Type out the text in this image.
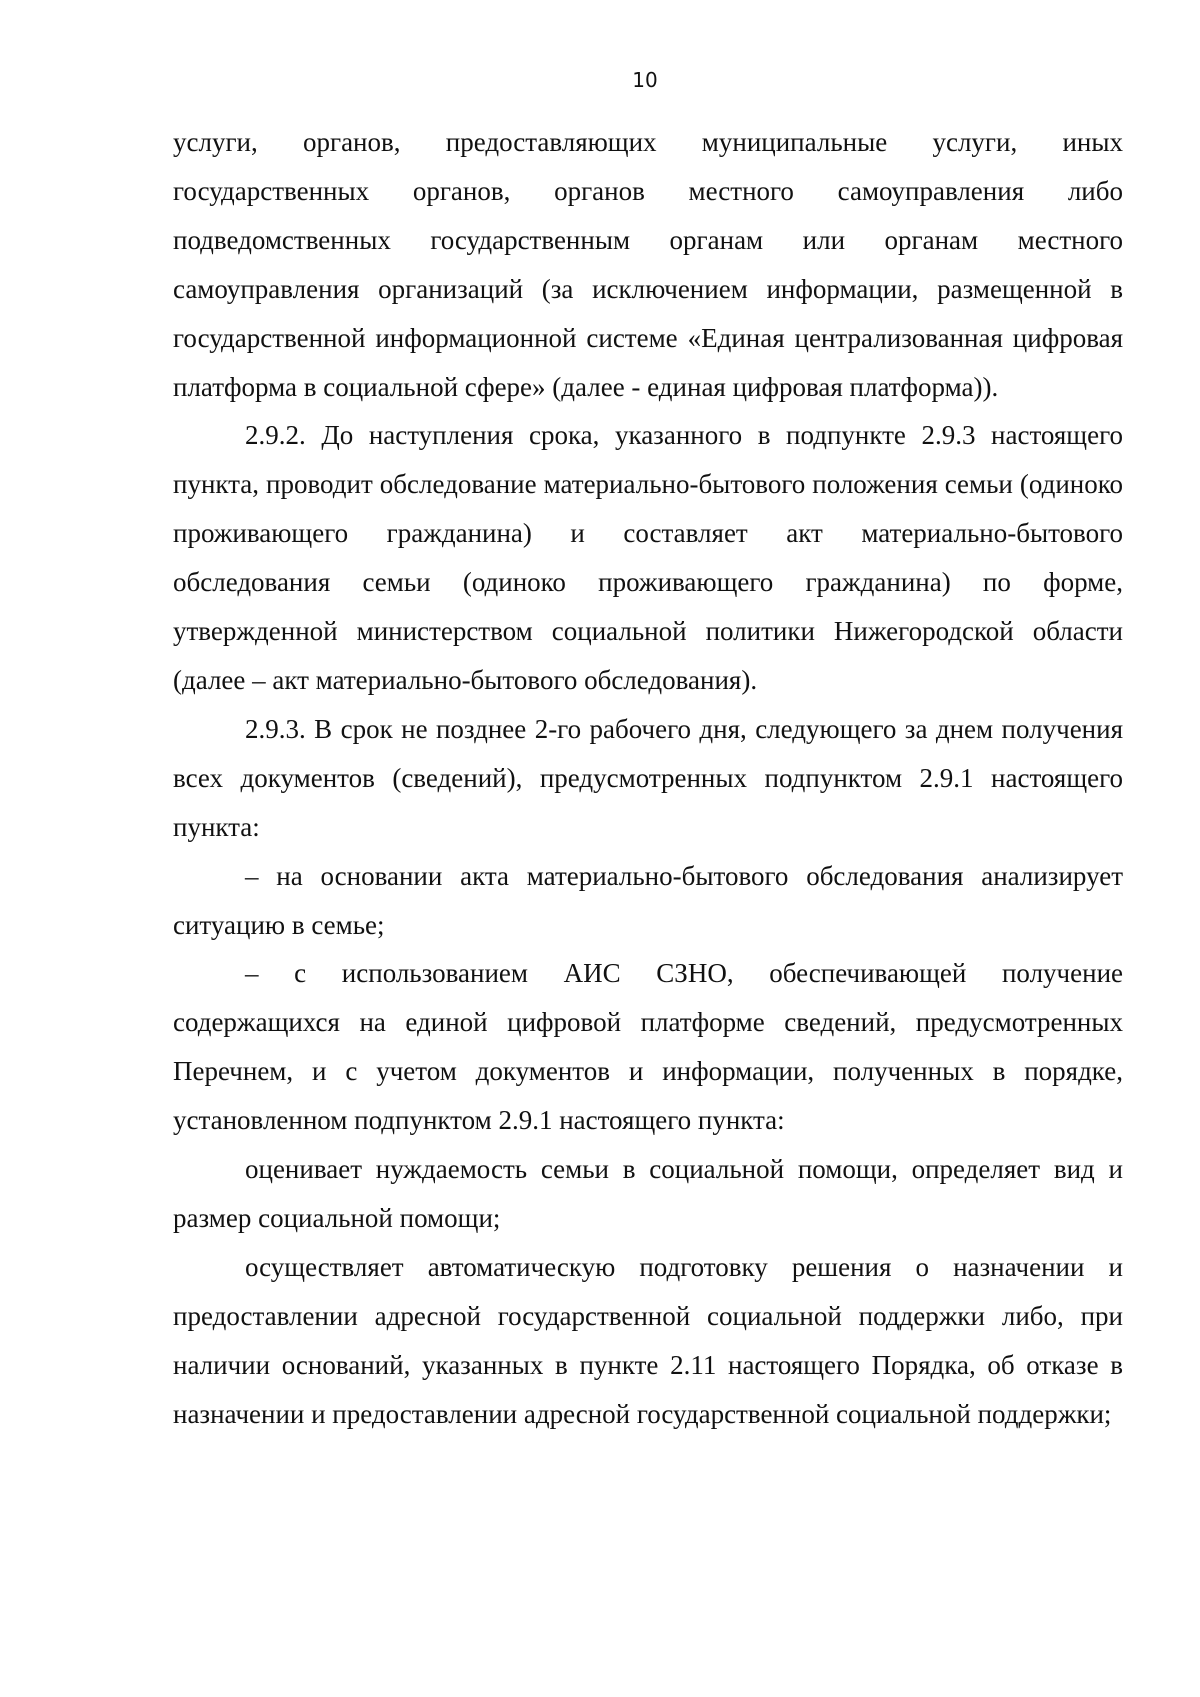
10

услуги, органов, предоставляющих муниципальные услуги, иных государственных органов, органов местного самоуправления либо подведомственных государственным органам или органам местного самоуправления организаций (за исключением информации, размещенной в государственной информационной системе «Единая централизованная цифровая платформа в социальной сфере» (далее - единая цифровая платформа)).

2.9.2. До наступления срока, указанного в подпункте 2.9.3 настоящего пункта, проводит обследование материально-бытового положения семьи (одиноко проживающего гражданина) и составляет акт материально-бытового обследования семьи (одиноко проживающего гражданина) по форме, утвержденной министерством социальной политики Нижегородской области (далее – акт материально-бытового обследования).

2.9.3. В срок не позднее 2-го рабочего дня, следующего за днем получения всех документов (сведений), предусмотренных подпунктом 2.9.1 настоящего пункта:

– на основании акта материально-бытового обследования анализирует ситуацию в семье;

– с использованием АИС СЗНО, обеспечивающей получение содержащихся на единой цифровой платформе сведений, предусмотренных Перечнем, и с учетом документов и информации, полученных в порядке, установленном подпунктом 2.9.1 настоящего пункта:

оценивает нуждаемость семьи в социальной помощи, определяет вид и размер социальной помощи;

осуществляет автоматическую подготовку решения о назначении и предоставлении адресной государственной социальной поддержки либо, при наличии оснований, указанных в пункте 2.11 настоящего Порядка, об отказе в назначении и предоставлении адресной государственной социальной поддержки;
